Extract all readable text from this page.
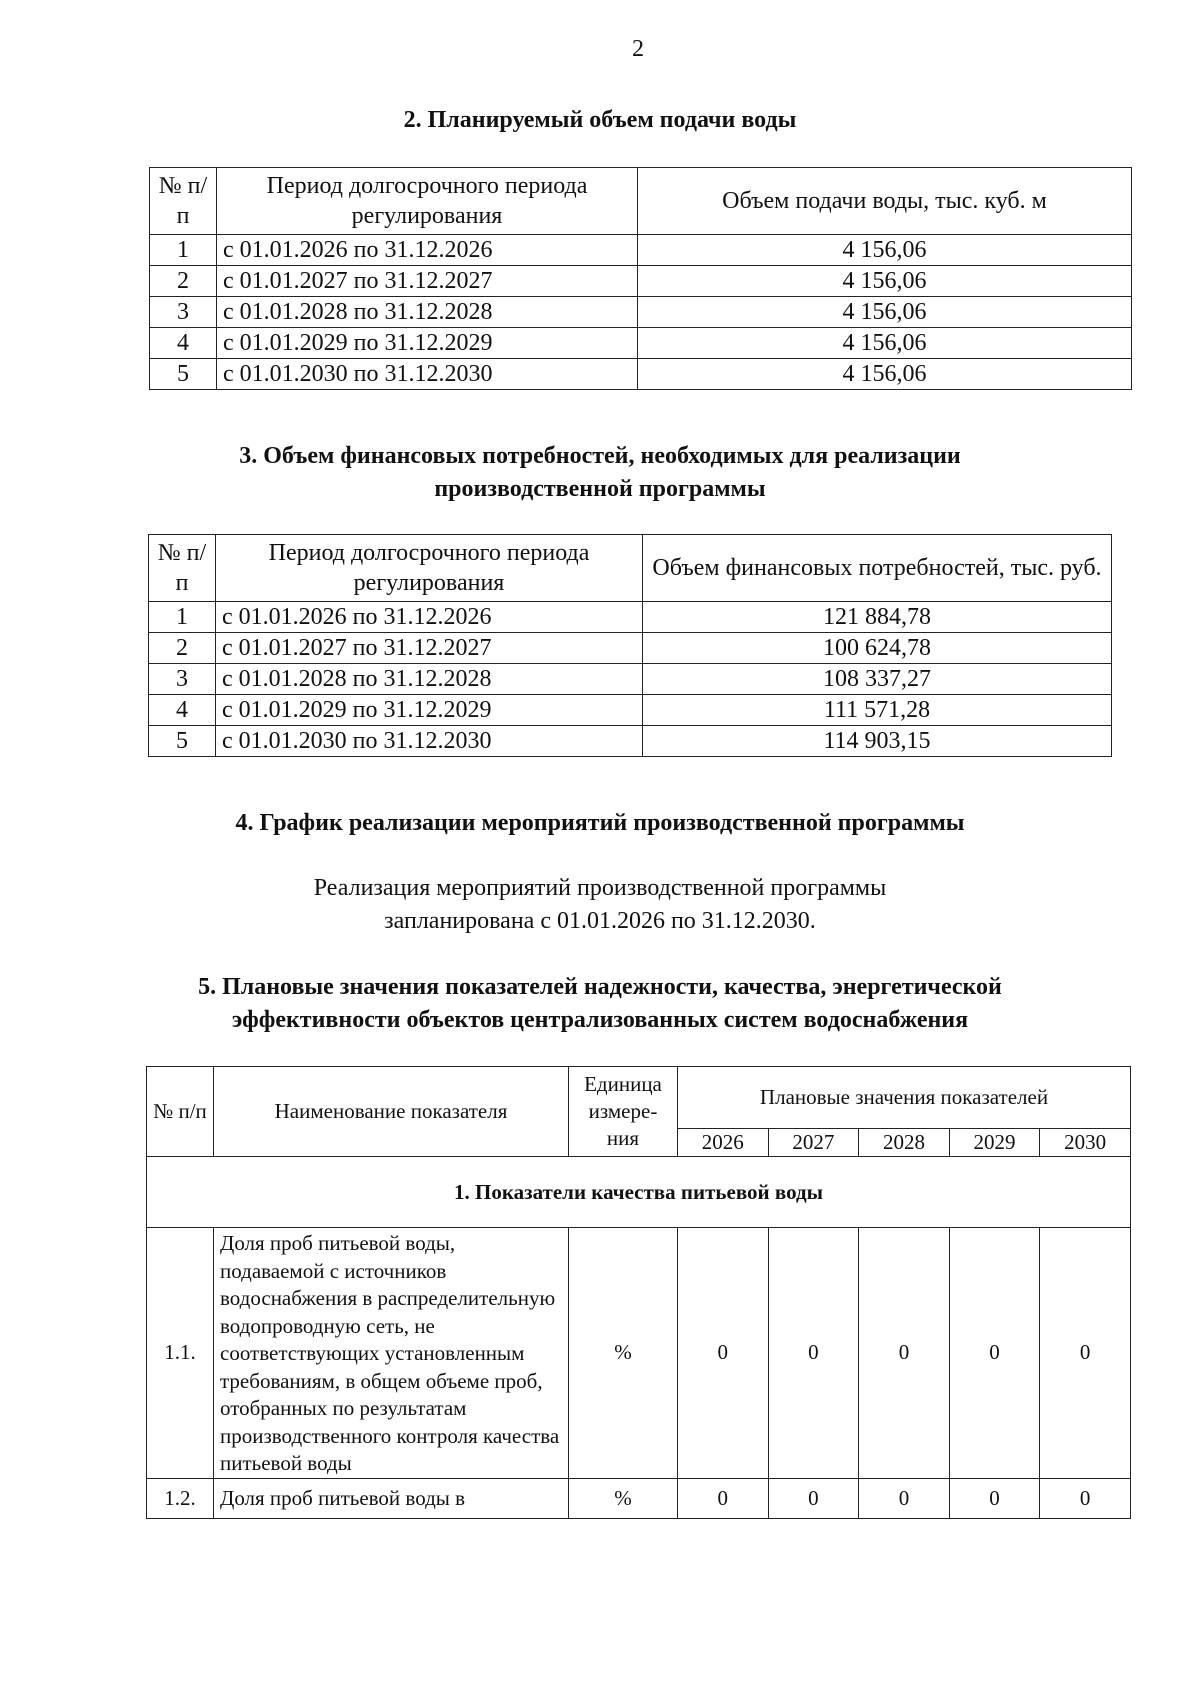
2
2. Планируемый объем подачи воды
№ п/п	Период долгосрочного периода регулирования	Объем подачи воды, тыс. куб. м
1	с 01.01.2026 по 31.12.2026	4 156,06
2	с 01.01.2027 по 31.12.2027	4 156,06
3	с 01.01.2028 по 31.12.2028	4 156,06
4	с 01.01.2029 по 31.12.2029	4 156,06
5	с 01.01.2030 по 31.12.2030	4 156,06
3. Объем финансовых потребностей, необходимых для реализации
производственной программы
№ п/п	Период долгосрочного периода регулирования	Объем финансовых потребностей, тыс. руб.
1	с 01.01.2026 по 31.12.2026	121 884,78
2	с 01.01.2027 по 31.12.2027	100 624,78
3	с 01.01.2028 по 31.12.2028	108 337,27
4	с 01.01.2029 по 31.12.2029	111 571,28
5	с 01.01.2030 по 31.12.2030	114 903,15
4. График реализации мероприятий производственной программы
Реализация мероприятий производственной программы
запланирована с 01.01.2026 по 31.12.2030.
5. Плановые значения показателей надежности, качества, энергетической
эффективности объектов централизованных систем водоснабжения
№ п/п	Наименование показателя	Единица измере-ния	Плановые значения показателей				
			2026	2027	2028	2029	2030
1. Показатели качества питьевой воды							
1.1.	Доля проб питьевой воды, подаваемой с источников водоснабжения в распределительную водопроводную сеть, не соответствующих установленным требованиям, в общем объеме проб, отобранных по результатам производственного контроля качества питьевой воды	%	0	0	0	0	0
1.2.	Доля проб питьевой воды в	%	0	0	0	0	0
